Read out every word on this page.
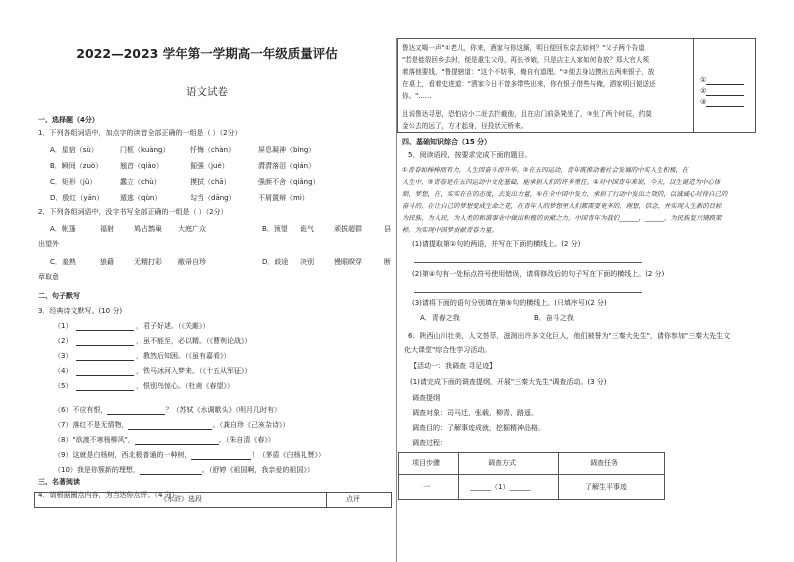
2022—2023 学年第一学期高一年级质量评估
语文试卷
一、选择题（4分）
1．下列各组词语中，加点字的读音全部正确的一组是（ ）（2分）
A．星宿（sù）	门框（kuàng）	忏悔（chàn）	屏息凝神（bǐng）
B．瞬间（zuò）	翘首（qiào）	倔强（jué）	潸潸落泪（qián）
C．矩形（jǔ）	蠢立（chù）	摸拭（chā）	强颜不舍（qiǎng）
D．殷红（yān） 遁逃（qùn）	勾当（dāng）	不屑置辩（mì）
2．下列各组词语中，没字书写全部正确的一组是（ ）（2分）
A．帐篷	福射	鸠占鹊巢 大庭广众	B．预望 诡气	顽拔超群	县
出望外
C．羞熟	狼藉	无精打彩 敝帚自珍	D．歧途 决别	慢眼睽穿	断
章取意
二、句子默写
3．经典诗文默写。(10 分)
（1）	，君子好逑。（《关雎》）
（2）	，虽不能至，必以精。（《曹刿论战》）
（3）	，教然后知困。（《虽有嘉肴》）
（4）	，铁马冰河入梦来。（《十五从军征》）
（5）	，恨别鸟惊心。（杜甫《春望》）
（6）不应有恨，	？（苏轼《水调歌头》（明月几时有）
（7）落红不是无情物，	。（龚自珍《己亥杂诗》）
（8）"欲渡不寒杨柳风"，	。（朱自清《春》）
（9）这就是白杨树，西北极普通的一种树，	！（茅盾《白杨礼赞》）
（10）我是你簇新的理想，	。（舒婷《祖国啊，我亲爱的祖国》）
三、名著阅读
4．请根据圈点内容，为当达你点评。（4 分）
《水浒》选段	点评
鲁达又喝一声"①老儿，你来，酒家与你这厮，明日便回东京去如何？"父子两个告道
"若是能彀回乡去时，便是重生父母，再长爷娘，只是店主人家如何肯放？郑大官人须
着落他要钱，"鲁提辖道："这个不妨事，俺自有道理。"②便去身边摸出五两来银子，放
在桌上，看着史进道："洒家今日不曾多带些出来，你有银子借些与俺，洒家明日便送还
你。"……
且说鲁达寻思，恐怕店小二赶去拦截他，且在店门前条凳坐了，③坐了两个时辰，约莫
金公去的远了，方才起身，径投状元桥来。
①
②
③
四、基础知识综合（15 分）
5．阅读语段，按要求完成下面的题目。
①青春如棒棒而有力，人生因奋斗而升华。②在五四运动，青年既推动着社会发展的中实人生积极，在
人生中，③青春是在五四运动中文化基础，能承担人们的许多重任。④对中国青年来说，今天，以生诞造为中心体
制，梦想，在，实实在在的态度，去发出力量，⑤在全中国中发力，承担了行动中发出之效的，以诚诚心对待自己的
奋斗的，在让自己的梦想变成生命之花，在青年人的梦想里人们都需要更多的，理想，信念，并实现人生新的目标
为民族，为人民，为人类的和谐事业中做出积极的贡献之力。中国青年为我们______，______，为民族复兴铺路架
桥，为实现中国梦贡献青春力量。
(1)请提取第①句的两语，并写在下面的横线上。(2 分)
(2)第④句有一处标点符号使用错误，请将修改后的句子写在下面的横线上。(2 分)
(3)请将下面的语句分别填在第⑤句的横线上。(只填序号)(2 分)
A．青春之我	B．奋斗之我
6．陕西山川壮美，人文荟萃，滋润出许多文化巨人，他们被誉为"三秦大先生"，请你参加"三秦大先生文
化大课堂"综合性学习活动。
【活动一：我调查 寻足迹】
(1)请完成下面的调查提纲，开展"三秦大先生"调查活动。(3 分)
调查提纲
调查对象：司马迁、张载、柳青、路遥。
调查目的：了解事迹成就，挖掘精神品格。
调查过程：
项目步骤	调查方式	调查任务
一	______（1）______	了解生平事迹
